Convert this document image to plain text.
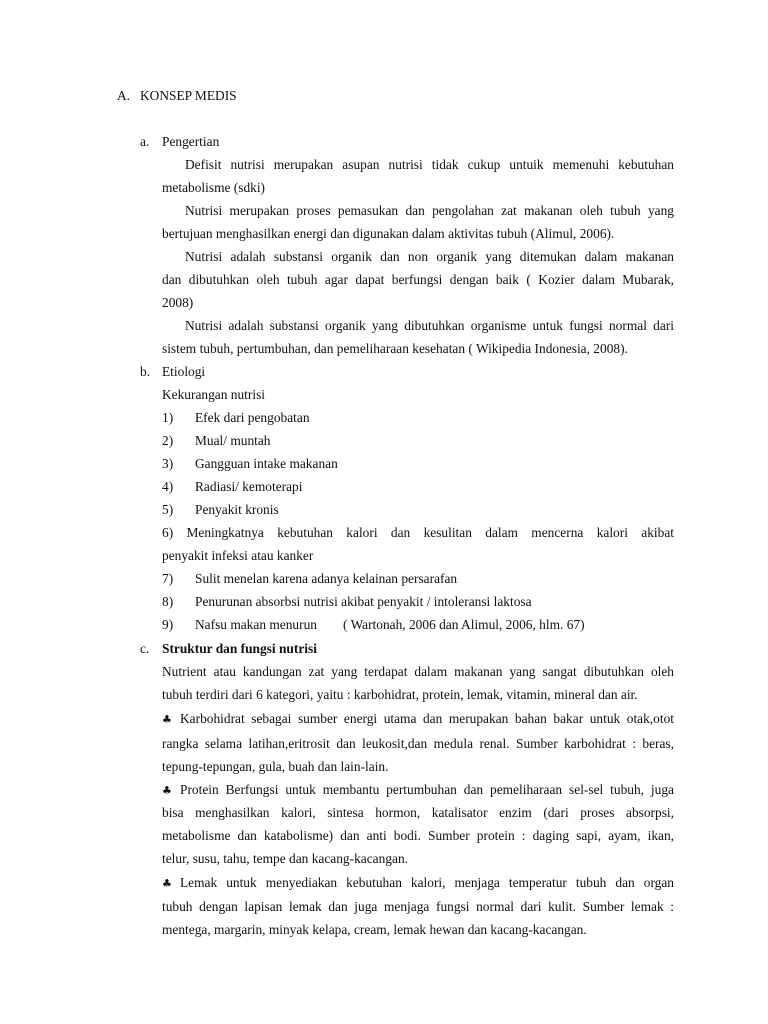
A. KONSEP MEDIS
a. Pengertian
Defisit nutrisi merupakan asupan nutrisi tidak cukup untuik memenuhi kebutuhan
metabolisme (sdki)
Nutrisi merupakan proses pemasukan dan pengolahan zat makanan oleh tubuh yang
bertujuan menghasilkan energi dan digunakan dalam aktivitas tubuh (Alimul, 2006).
Nutrisi adalah substansi organik dan non organik yang ditemukan dalam makanan
dan dibutuhkan oleh tubuh agar dapat berfungsi dengan baik ( Kozier dalam Mubarak,
2008)
Nutrisi adalah substansi organik yang dibutuhkan organisme untuk fungsi normal dari
sistem tubuh, pertumbuhan, dan pemeliharaan kesehatan ( Wikipedia Indonesia, 2008).
b. Etiologi
Kekurangan nutrisi
1)	Efek dari pengobatan
2)	Mual/ muntah
3)	Gangguan intake makanan
4)	Radiasi/ kemoterapi
5)	Penyakit kronis
6) Meningkatnya kebutuhan kalori dan kesulitan dalam mencerna kalori akibat
penyakit infeksi atau kanker
7)	Sulit menelan karena adanya kelainan persarafan
8)	Penurunan absorbsi nutrisi akibat penyakit / intoleransi laktosa
9)	Nafsu makan menurun ( Wartonah, 2006 dan Alimul, 2006, hlm. 67)
c. Struktur dan fungsi nutrisi
Nutrient atau kandungan zat yang terdapat dalam makanan yang sangat dibutuhkan oleh
tubuh terdiri dari 6 kategori, yaitu : karbohidrat, protein, lemak, vitamin, mineral dan air.
♣ Karbohidrat sebagai sumber energi utama dan merupakan bahan bakar untuk otak,otot
rangka selama latihan,eritrosit dan leukosit,dan medula renal. Sumber karbohidrat : beras,
tepung-tepungan, gula, buah dan lain-lain.
♣ Protein Berfungsi untuk membantu pertumbuhan dan pemeliharaan sel-sel tubuh, juga
bisa menghasilkan kalori, sintesa hormon, katalisator enzim (dari proses absorpsi,
metabolisme dan katabolisme) dan anti bodi. Sumber protein : daging sapi, ayam, ikan,
telur, susu, tahu, tempe dan kacang-kacangan.
♣ Lemak untuk menyediakan kebutuhan kalori, menjaga temperatur tubuh dan organ
tubuh dengan lapisan lemak dan juga menjaga fungsi normal dari kulit. Sumber lemak :
mentega, margarin, minyak kelapa, cream, lemak hewan dan kacang-kacangan.
